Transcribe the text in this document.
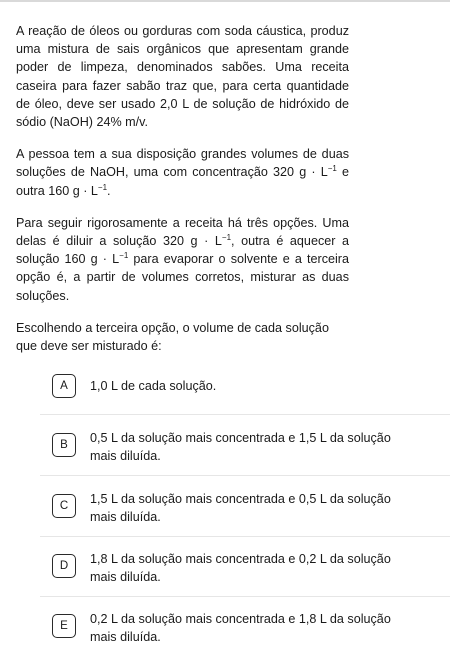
A reação de óleos ou gorduras com soda cáustica, produz uma mistura de sais orgânicos que apresentam grande poder de limpeza, denominados sabões. Uma receita caseira para fazer sabão traz que, para certa quantidade de óleo, deve ser usado 2,0 L de solução de hidróxido de sódio (NaOH) 24% m/v.

A pessoa tem a sua disposição grandes volumes de duas soluções de NaOH, uma com concentração 320 $g \cdot L^{-1}$ e outra 160 $g \cdot L^{-1}$.

Para seguir rigorosamente a receita há três opções. Uma delas é diluir a solução 320 $g \cdot L^{-1}$, outra é aquecer a solução 160 $g \cdot L^{-1}$ para evaporar o solvente e a terceira opção é, a partir de volumes corretos, misturar as duas soluções.

Escolhendo a terceira opção, o volume de cada solução que deve ser misturado é:

A	1,0 L de cada solução.
B	0,5 L da solução mais concentrada e 1,5 L da solução mais diluída.
C	1,5 L da solução mais concentrada e 0,5 L da solução mais diluída.
D	1,8 L da solução mais concentrada e 0,2 L da solução mais diluída.
E	0,2 L da solução mais concentrada e 1,8 L da solução mais diluída.
